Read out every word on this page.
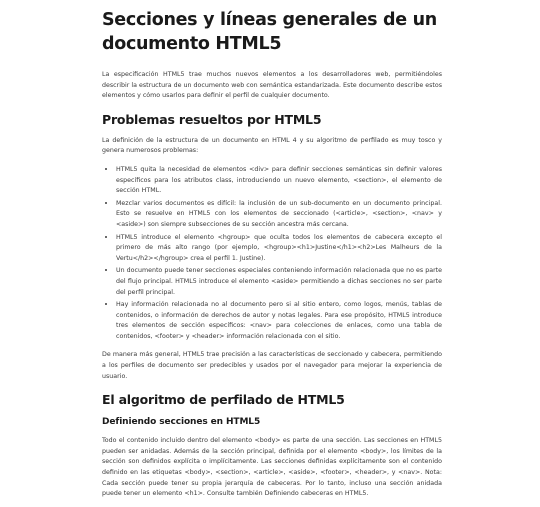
Secciones y líneas generales de un documento HTML5

La especificación HTML5 trae muchos nuevos elementos a los desarrolladores web, permitiéndoles describir la estructura de un documento web con semántica estandarizada. Este documento describe estos elementos y cómo usarlos para definir el perfil de cualquier documento.

Problemas resueltos por HTML5

La definición de la estructura de un documento en HTML 4 y su algoritmo de perfilado es muy tosco y genera numerosos problemas:

• HTML5 quita la necesidad de elementos <div> para definir secciones semánticas sin definir valores específicos para los atributos class, introduciendo un nuevo elemento, <section>, el elemento de sección HTML.
• Mezclar varios documentos es difícil: la inclusión de un sub-documento en un documento principal. Esto se resuelve en HTML5 con los elementos de seccionado (<article>, <section>, <nav> y <aside>) son siempre subsecciones de su sección ancestra más cercana.
• HTML5 introduce el elemento <hgroup> que oculta todos los elementos de cabecera excepto el primero de más alto rango (por ejemplo, <hgroup><h1>Justine</h1><h2>Les Malheurs de la Vertu</h2></hgroup> crea el perfil 1. Justine).
• Un documento puede tener secciones especiales conteniendo información relacionada que no es parte del flujo principal. HTML5 introduce el elemento <aside> permitiendo a dichas secciones no ser parte del perfil principal.
• Hay información relacionada no al documento pero si al sitio entero, como logos, menús, tablas de contenidos, o información de derechos de autor y notas legales. Para ese propósito, HTML5 introduce tres elementos de sección específicos: <nav> para colecciones de enlaces, como una tabla de contenidos, <footer> y <header> información relacionada con el sitio.

De manera más general, HTML5 trae precisión a las características de seccionado y cabecera, permitiendo a los perfiles de documento ser predecibles y usados por el navegador para mejorar la experiencia de usuario.

El algoritmo de perfilado de HTML5
Definiendo secciones en HTML5

Todo el contenido incluido dentro del elemento <body> es parte de una sección. Las secciones en HTML5 pueden ser anidadas. Además de la sección principal, definida por el elemento <body>, los límites de la sección son definidos explícita o implícitamente. Las secciones definidas explícitamente son el contenido definido en las etiquetas <body>, <section>, <article>, <aside>, <footer>, <header>, y <nav>. Nota: Cada sección puede tener su propia jerarquía de cabeceras. Por lo tanto, incluso una sección anidada puede tener un elemento <h1>. Consulte también Definiendo cabeceras en HTML5.
